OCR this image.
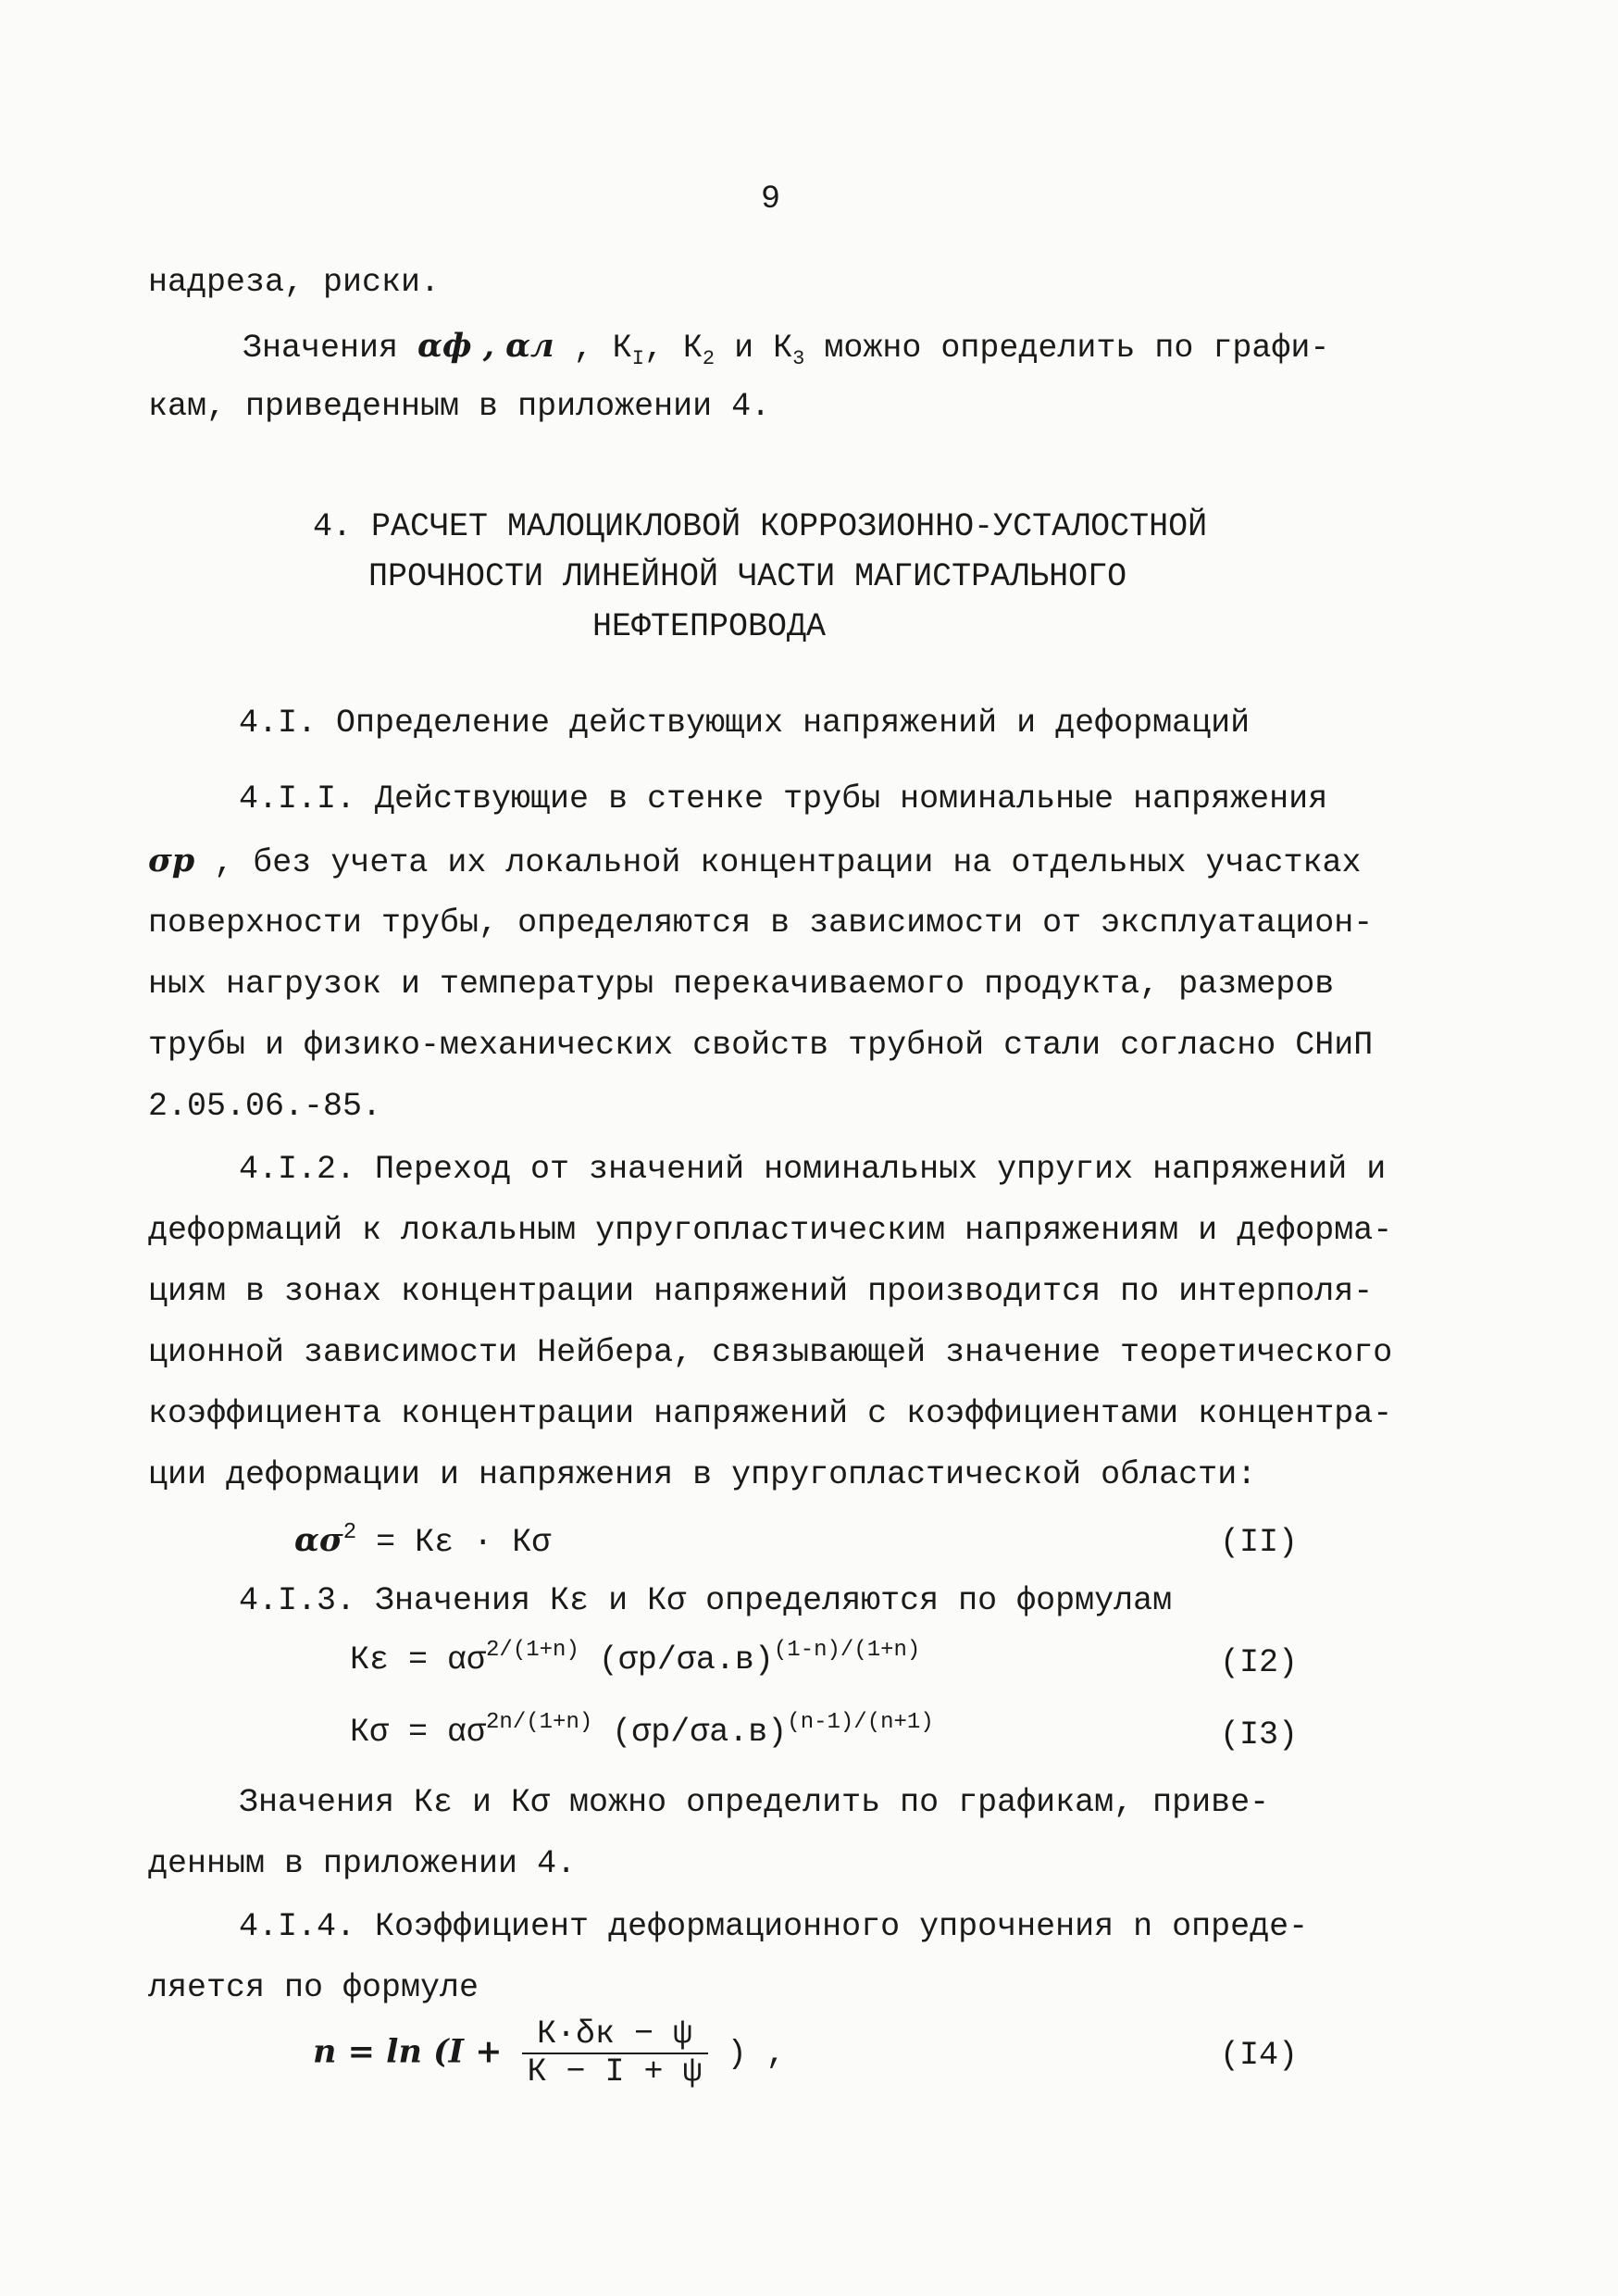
9
надреза, риски.
Значения αф , αл , $К_I$, $К_2$ и $К_3$ можно определить по графи-
кам, приведенным в приложении 4.
4. РАСЧЕТ МАЛОЦИКЛОВОЙ КОРРОЗИОННО-УСТАЛОСТНОЙ
ПРОЧНОСТИ ЛИНЕЙНОЙ ЧАСТИ МАГИСТРАЛЬНОГО
НЕФТЕПРОВОДА
4.I. Определение действующих напряжений и деформаций
4.I.I. Действующие в стенке трубы номинальные напряжения
σр , без учета их локальной концентрации на отдельных участках
поверхности трубы, определяются в зависимости от эксплуатацион-
ных нагрузок и температуры перекачиваемого продукта, размеров
трубы и физико-механических свойств трубной стали согласно СНиП
2.05.06.-85.
4.I.2. Переход от значений номинальных упругих напряжений и
деформаций к локальным упругопластическим напряжениям и деформа-
циям в зонах концентрации напряжений производится по интерполя-
ционной зависимости Нейбера, связывающей значение теоретического
коэффициента концентрации напряжений с коэффициентами концентра-
ции деформации и напряжения в упругопластической области:
$\alpha\sigma^2 = К\varepsilon \cdot К\sigma$	(II)
4.I.3. Значения Кε и Кσ определяются по формулам
$К\varepsilon = \alpha\sigma^{2/(1+n)}$ $(\sigma р/\sigma а.в)^{(1-n)/(1+n)}$	(I2)
$К\sigma = \alpha\sigma^{2n/(1+n)}$ $(\sigma р/\sigma а.в)^{(n-1)/(n+1)}$	(I3)
Значения Кε и Кσ можно определить по графикам, приве-
денным в приложении 4.
4.I.4. Коэффициент деформационного упрочнения n опреде-
ляется по формуле
$n = \ln (I + \frac{К\cdot\delta к - \psi}{К - I + \psi}$ ) ,	(I4)
